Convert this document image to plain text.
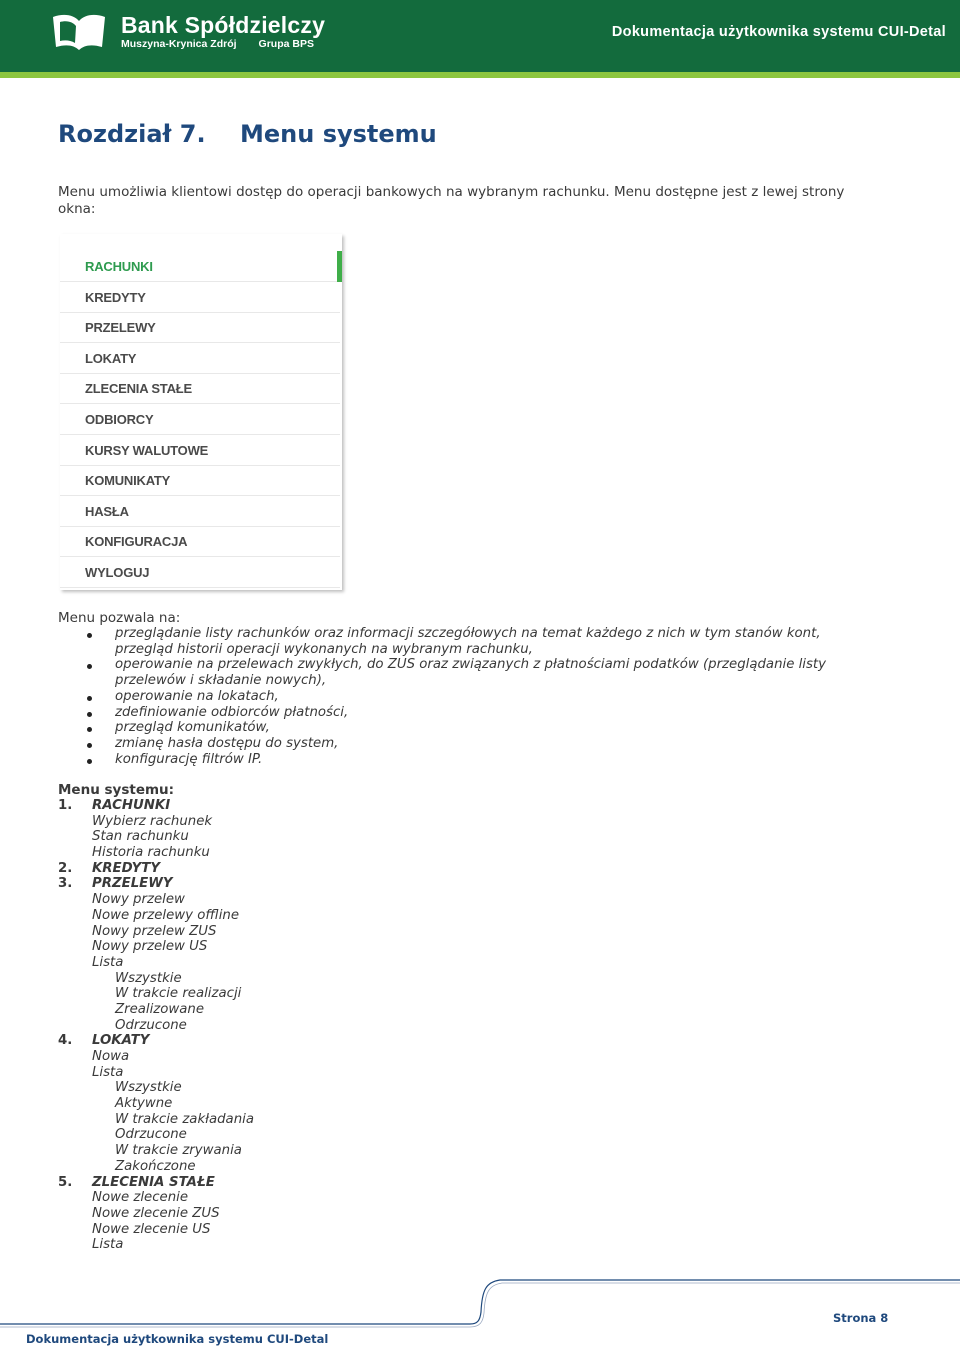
Bank Spółdzielczy
Muszyna-Krynica Zdrój Grupa BPS
Dokumentacja użytkownika systemu CUI-Detal
Rozdział 7. Menu systemu
Menu umożliwia klientowi dostęp do operacji bankowych na wybranym rachunku. Menu dostępne jest z lewej strony okna:
RACHUNKI
KREDYTY
PRZELEWY
LOKATY
ZLECENIA STAŁE
ODBIORCY
KURSY WALUTOWE
KOMUNIKATY
HASŁA
KONFIGURACJA
WYLOGUJ
Menu pozwala na:
przeglądanie listy rachunków oraz informacji szczegółowych na temat każdego z nich w tym stanów kont,
przegląd historii operacji wykonanych na wybranym rachunku,
operowanie na przelewach zwykłych, do ZUS oraz związanych z płatnościami podatków (przeglądanie listy
przelewów i składanie nowych),
operowanie na lokatach,
zdefiniowanie odbiorców płatności,
przegląd komunikatów,
zmianę hasła dostępu do system,
konfigurację filtrów IP.
Menu systemu:
1. RACHUNKI
Wybierz rachunek
Stan rachunku
Historia rachunku
2. KREDYTY
3. PRZELEWY
Nowy przelew
Nowe przelewy offline
Nowy przelew ZUS
Nowy przelew US
Lista
Wszystkie
W trakcie realizacji
Zrealizowane
Odrzucone
4. LOKATY
Nowa
Lista
Wszystkie
Aktywne
W trakcie zakładania
Odrzucone
W trakcie zrywania
Zakończone
5. ZLECENIA STAŁE
Nowe zlecenie
Nowe zlecenie ZUS
Nowe zlecenie US
Lista
Strona 8
Dokumentacja użytkownika systemu CUI-Detal
